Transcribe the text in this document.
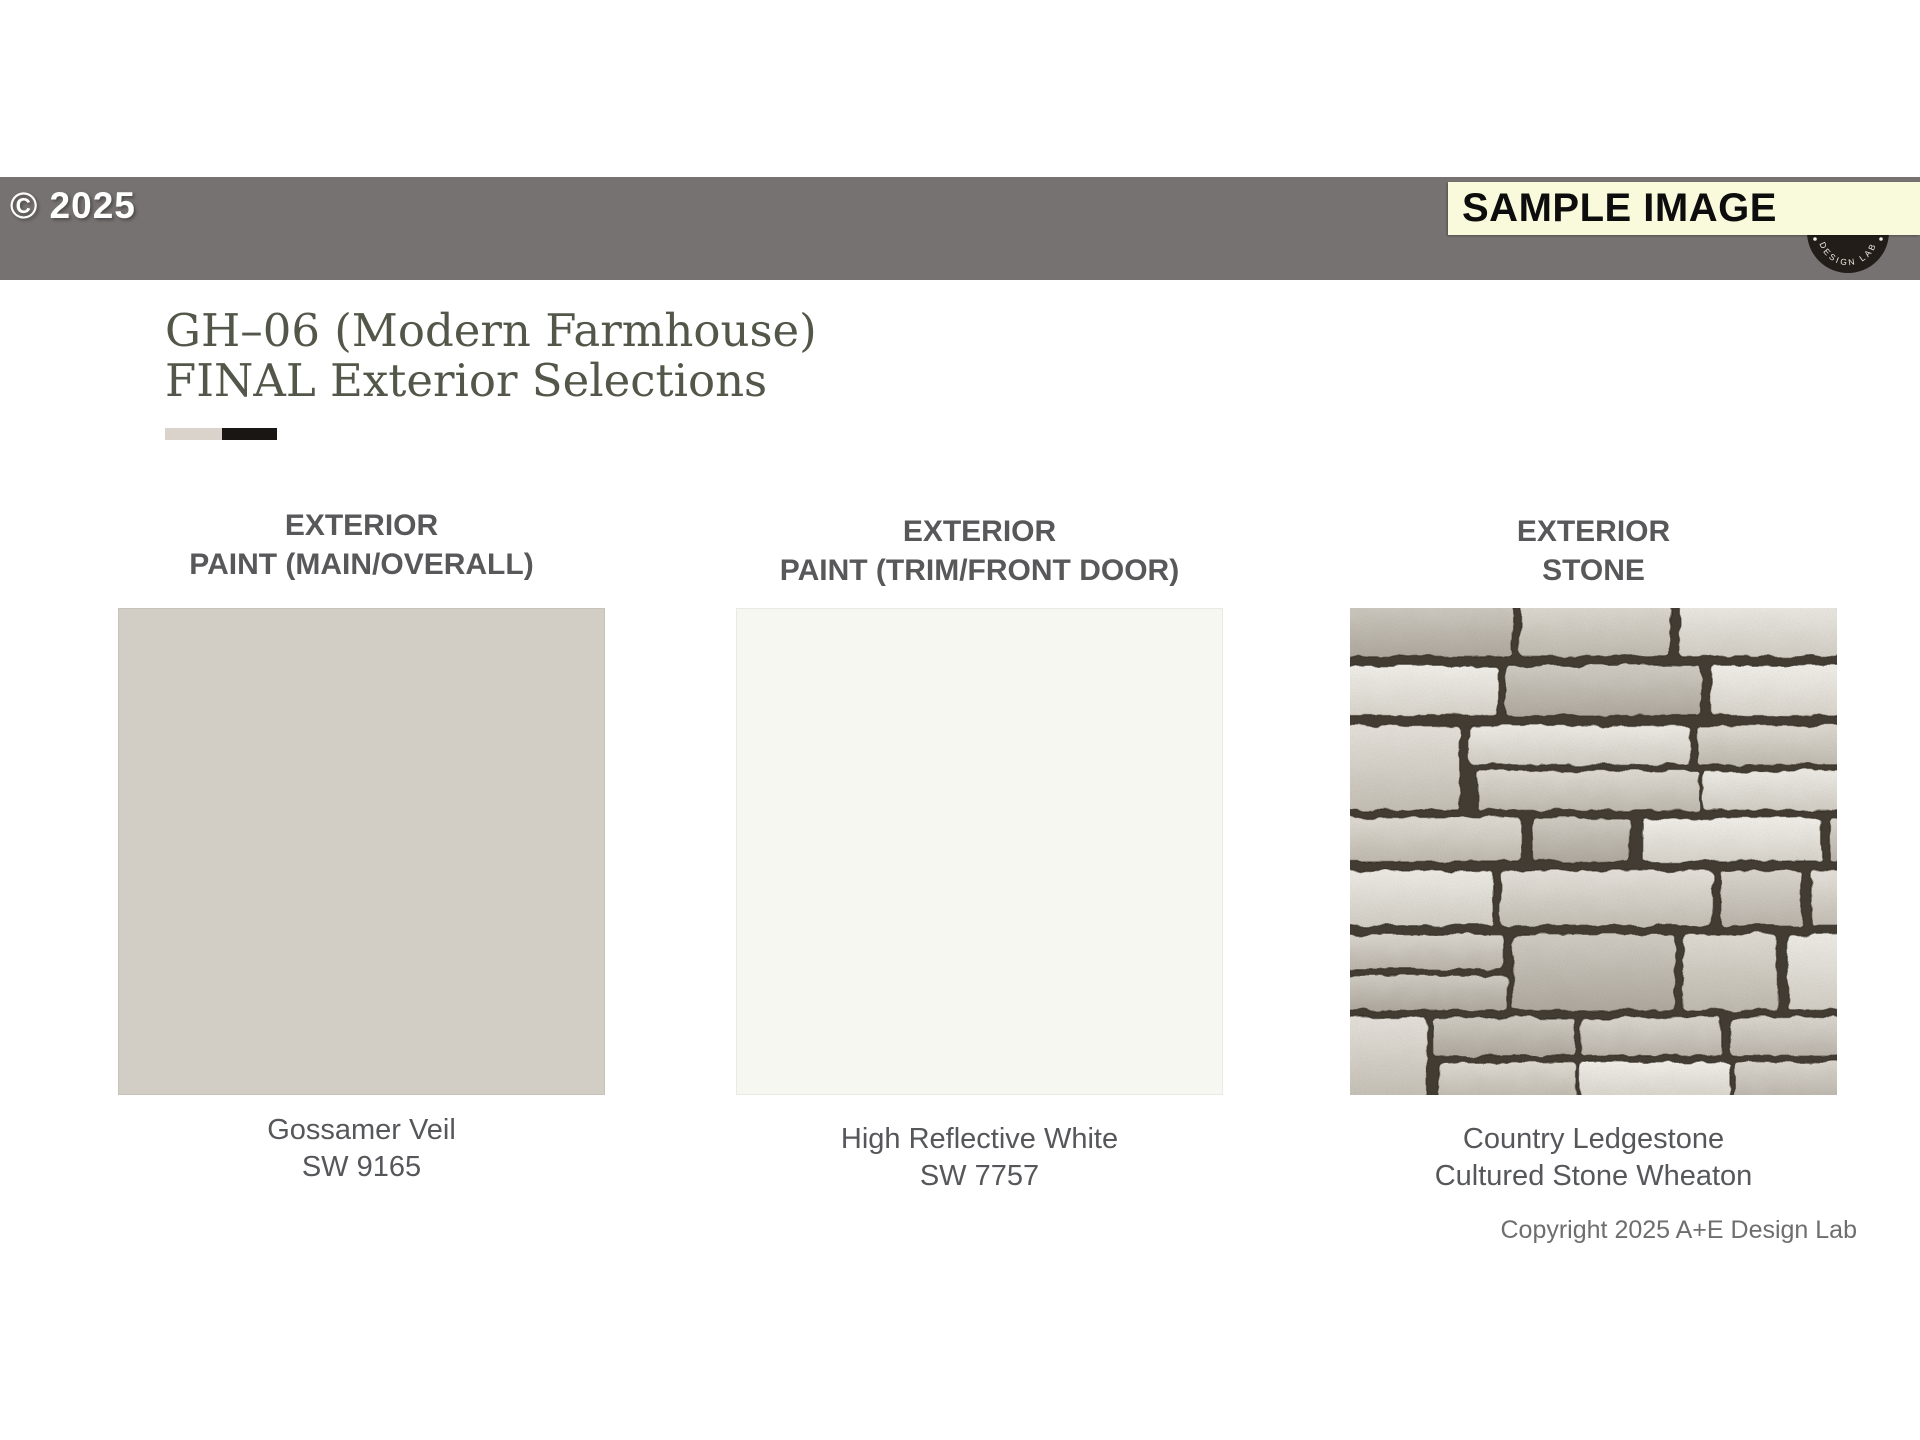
© 2025
DESIGN LAB
SAMPLE IMAGE
GH–06 (Modern Farmhouse)
FINAL Exterior Selections
EXTERIOR
PAINT (MAIN/OVERALL)
Gossamer Veil
SW 9165
EXTERIOR
PAINT (TRIM/FRONT DOOR)
High Reflective White
SW 7757
EXTERIOR
STONE
Country Ledgestone
Cultured Stone Wheaton
Copyright 2025 A+E Design Lab
